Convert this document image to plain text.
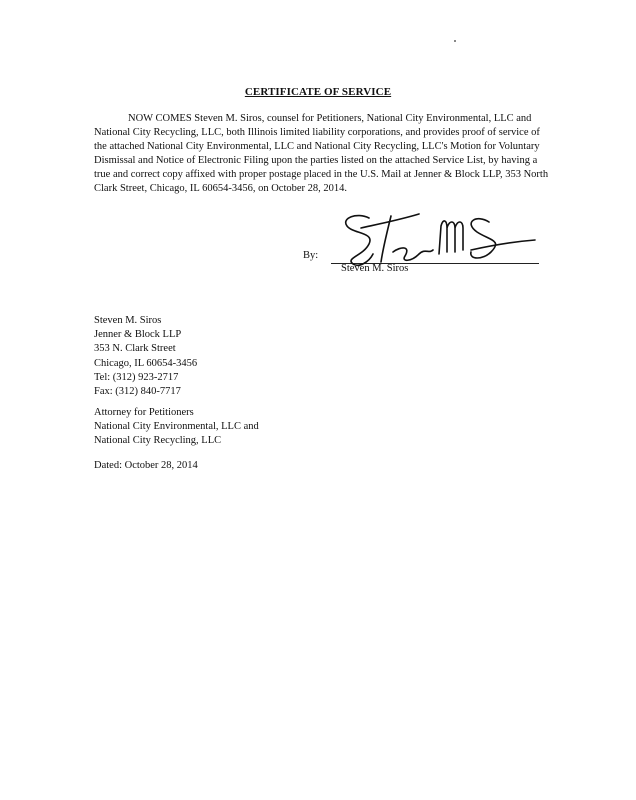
CERTIFICATE OF SERVICE

NOW COMES Steven M. Siros, counsel for Petitioners, National City Environmental, LLC and National City Recycling, LLC, both Illinois limited liability corporations, and provides proof of service of the attached National City Environmental, LLC and National City Recycling, LLC's Motion for Voluntary Dismissal and Notice of Electronic Filing upon the parties listed on the attached Service List, by having a true and correct copy affixed with proper postage placed in the U.S. Mail at Jenner & Block LLP, 353 North Clark Street, Chicago, IL 60654-3456, on October 28, 2014.

By:
Steven M. Siros
Steven M. Siros
Jenner & Block LLP
353 N. Clark Street
Chicago, IL 60654-3456
Tel: (312) 923-2717
Fax: (312) 840-7717
Attorney for Petitioners
National City Environmental, LLC and
National City Recycling, LLC
Dated: October 28, 2014
